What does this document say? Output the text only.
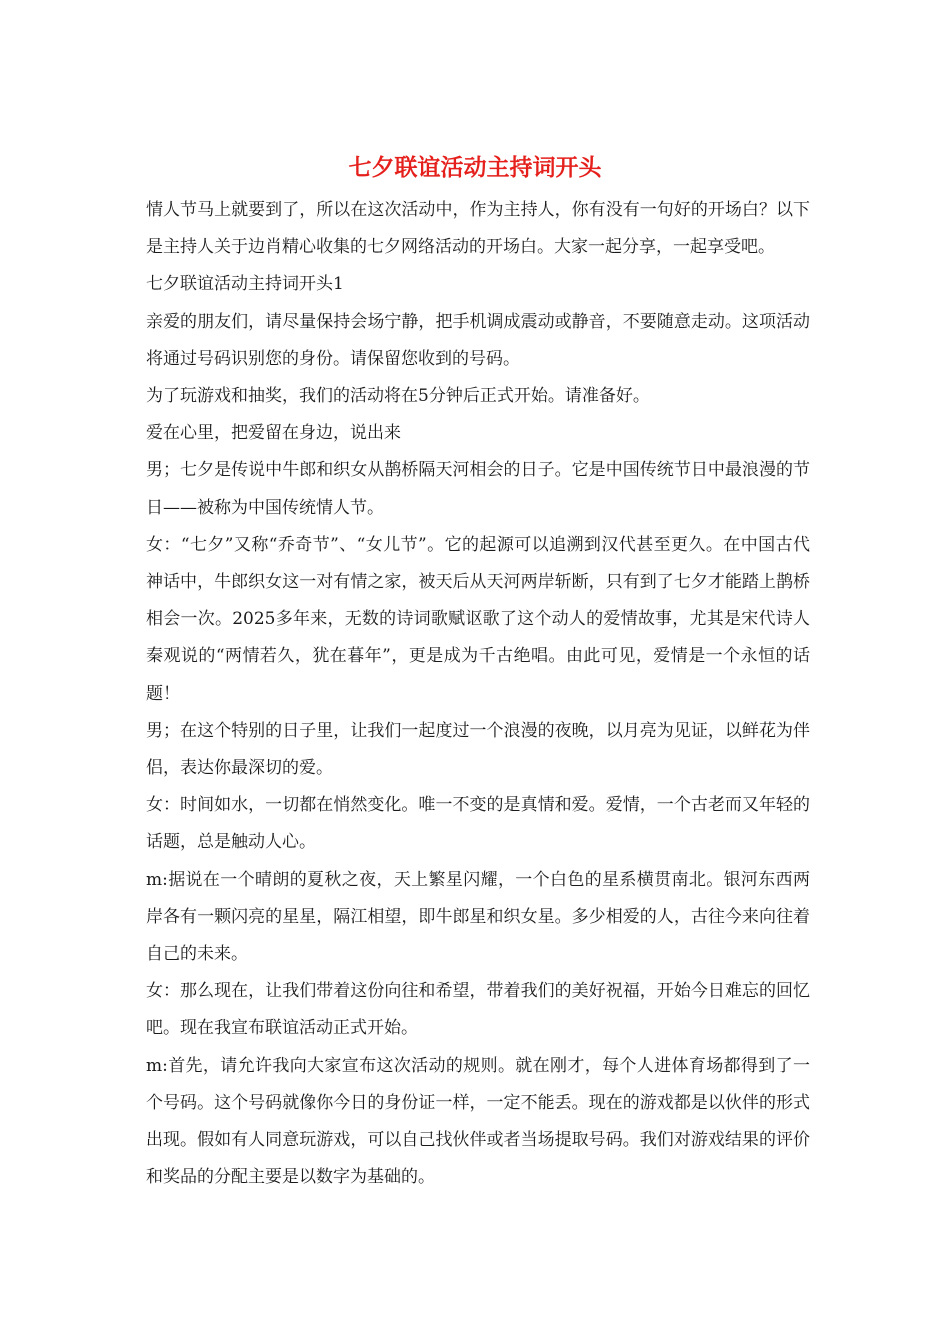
七夕联谊活动主持词开头

情人节马上就要到了，所以在这次活动中，作为主持人，你有没有一句好的开场白？以下是主持人关于边肖精心收集的七夕网络活动的开场白。大家一起分享，一起享受吧。

七夕联谊活动主持词开头1

亲爱的朋友们，请尽量保持会场宁静，把手机调成震动或静音，不要随意走动。这项活动将通过号码识别您的身份。请保留您收到的号码。

为了玩游戏和抽奖，我们的活动将在5分钟后正式开始。请准备好。

爱在心里，把爱留在身边，说出来

男；七夕是传说中牛郎和织女从鹊桥隔天河相会的日子。它是中国传统节日中最浪漫的节日——被称为中国传统情人节。

女：“七夕”又称“乔奇节”、“女儿节”。它的起源可以追溯到汉代甚至更久。在中国古代神话中，牛郎织女这一对有情之家，被天后从天河两岸斩断，只有到了七夕才能踏上鹊桥相会一次。2025多年来，无数的诗词歌赋讴歌了这个动人的爱情故事，尤其是宋代诗人秦观说的“两情若久，犹在暮年”，更是成为千古绝唱。由此可见，爱情是一个永恒的话题！

男；在这个特别的日子里，让我们一起度过一个浪漫的夜晚，以月亮为见证，以鲜花为伴侣，表达你最深切的爱。

女：时间如水，一切都在悄然变化。唯一不变的是真情和爱。爱情，一个古老而又年轻的话题，总是触动人心。

m:据说在一个晴朗的夏秋之夜，天上繁星闪耀，一个白色的星系横贯南北。银河东西两岸各有一颗闪亮的星星，隔江相望，即牛郎星和织女星。多少相爱的人，古往今来向往着自己的未来。

女：那么现在，让我们带着这份向往和希望，带着我们的美好祝福，开始今日难忘的回忆吧。现在我宣布联谊活动正式开始。

m:首先，请允许我向大家宣布这次活动的规则。就在刚才，每个人进体育场都得到了一个号码。这个号码就像你今日的身份证一样，一定不能丢。现在的游戏都是以伙伴的形式出现。假如有人同意玩游戏，可以自己找伙伴或者当场提取号码。我们对游戏结果的评价和奖品的分配主要是以数字为基础的。
